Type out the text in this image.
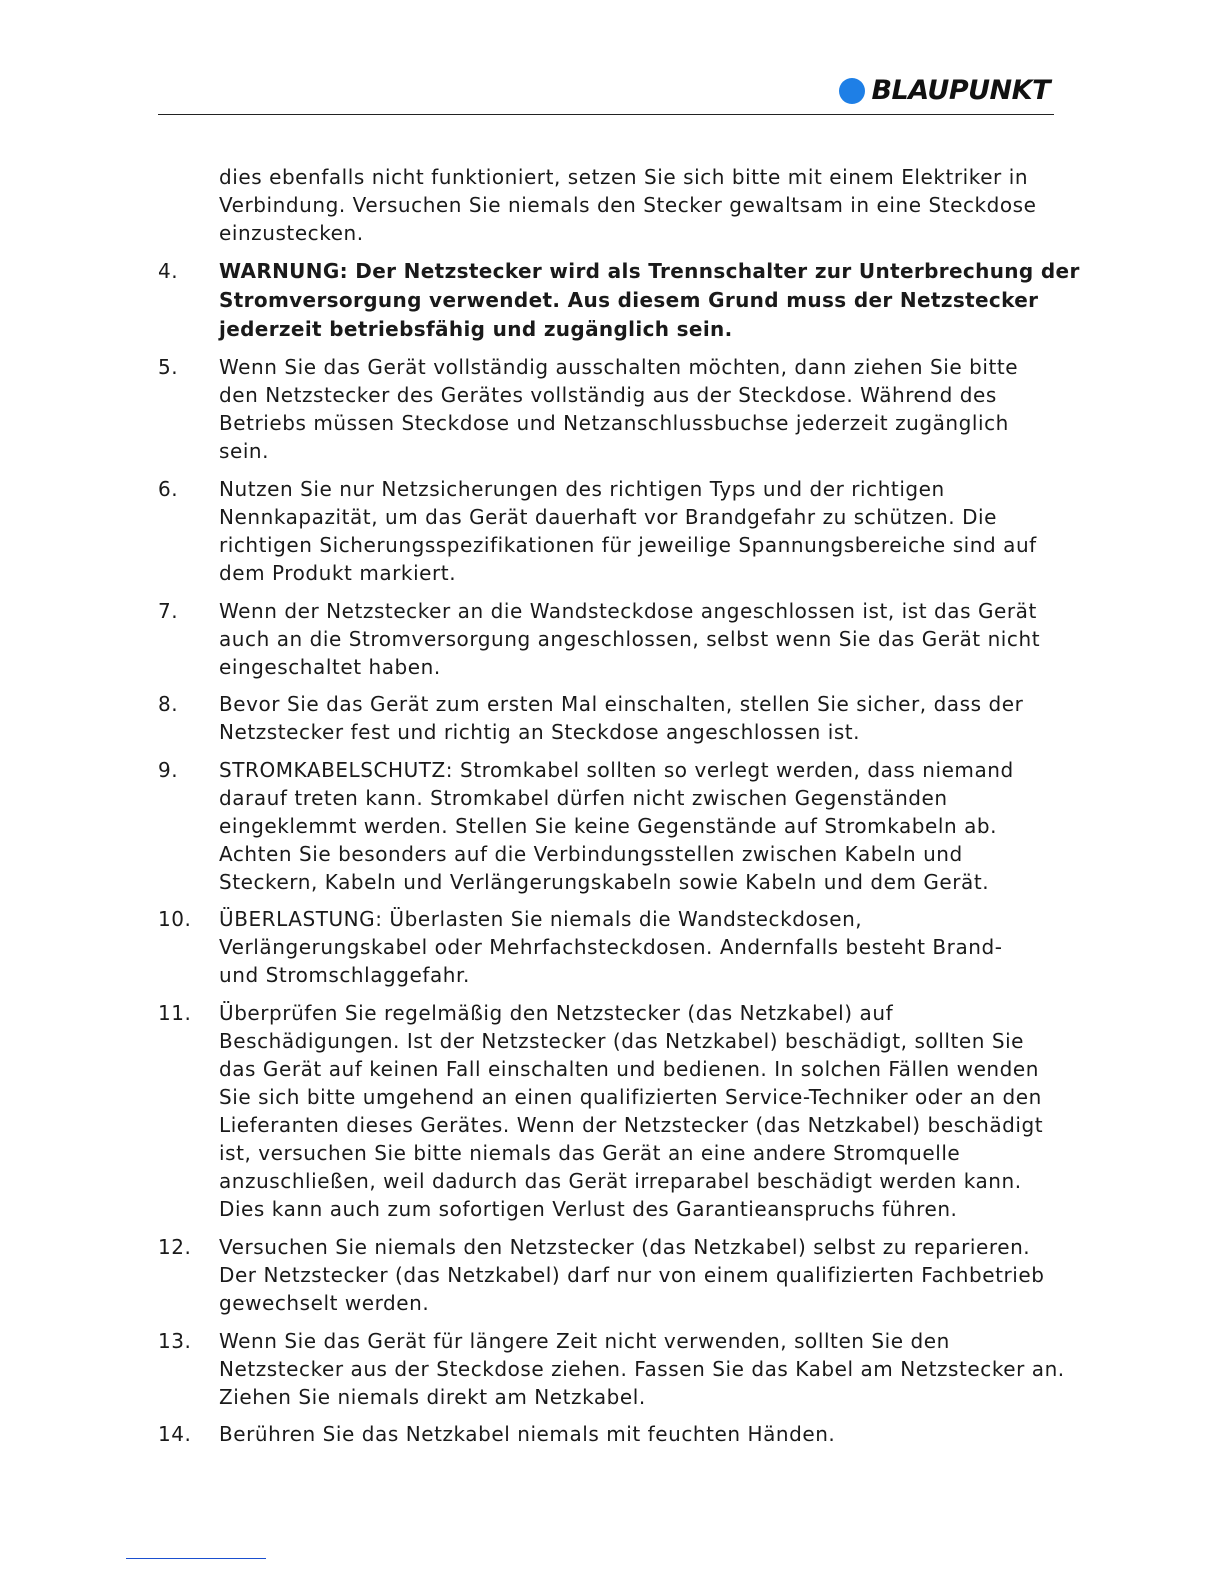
BLAUPUNKT

dies ebenfalls nicht funktioniert, setzen Sie sich bitte mit einem Elektriker in
Verbindung. Versuchen Sie niemals den Stecker gewaltsam in eine Steckdose
einzustecken.

4. WARNUNG: Der Netzstecker wird als Trennschalter zur Unterbrechung der
Stromversorgung verwendet. Aus diesem Grund muss der Netzstecker
jederzeit betriebsfähig und zugänglich sein.

5. Wenn Sie das Gerät vollständig ausschalten möchten, dann ziehen Sie bitte
den Netzstecker des Gerätes vollständig aus der Steckdose. Während des
Betriebs müssen Steckdose und Netzanschlussbuchse jederzeit zugänglich
sein.

6. Nutzen Sie nur Netzsicherungen des richtigen Typs und der richtigen
Nennkapazität, um das Gerät dauerhaft vor Brandgefahr zu schützen. Die
richtigen Sicherungsspezifikationen für jeweilige Spannungsbereiche sind auf
dem Produkt markiert.

7. Wenn der Netzstecker an die Wandsteckdose angeschlossen ist, ist das Gerät
auch an die Stromversorgung angeschlossen, selbst wenn Sie das Gerät nicht
eingeschaltet haben.

8. Bevor Sie das Gerät zum ersten Mal einschalten, stellen Sie sicher, dass der
Netzstecker fest und richtig an Steckdose angeschlossen ist.

9. STROMKABELSCHUTZ: Stromkabel sollten so verlegt werden, dass niemand
darauf treten kann. Stromkabel dürfen nicht zwischen Gegenständen
eingeklemmt werden. Stellen Sie keine Gegenstände auf Stromkabeln ab.
Achten Sie besonders auf die Verbindungsstellen zwischen Kabeln und
Steckern, Kabeln und Verlängerungskabeln sowie Kabeln und dem Gerät.

10. ÜBERLASTUNG: Überlasten Sie niemals die Wandsteckdosen,
Verlängerungskabel oder Mehrfachsteckdosen. Andernfalls besteht Brand-
und Stromschlaggefahr.

11. Überprüfen Sie regelmäßig den Netzstecker (das Netzkabel) auf
Beschädigungen. Ist der Netzstecker (das Netzkabel) beschädigt, sollten Sie
das Gerät auf keinen Fall einschalten und bedienen. In solchen Fällen wenden
Sie sich bitte umgehend an einen qualifizierten Service-Techniker oder an den
Lieferanten dieses Gerätes. Wenn der Netzstecker (das Netzkabel) beschädigt
ist, versuchen Sie bitte niemals das Gerät an eine andere Stromquelle
anzuschließen, weil dadurch das Gerät irreparabel beschädigt werden kann.
Dies kann auch zum sofortigen Verlust des Garantieanspruchs führen.

12. Versuchen Sie niemals den Netzstecker (das Netzkabel) selbst zu reparieren.
Der Netzstecker (das Netzkabel) darf nur von einem qualifizierten Fachbetrieb
gewechselt werden.

13. Wenn Sie das Gerät für längere Zeit nicht verwenden, sollten Sie den
Netzstecker aus der Steckdose ziehen. Fassen Sie das Kabel am Netzstecker an.
Ziehen Sie niemals direkt am Netzkabel.

14. Berühren Sie das Netzkabel niemals mit feuchten Händen.
